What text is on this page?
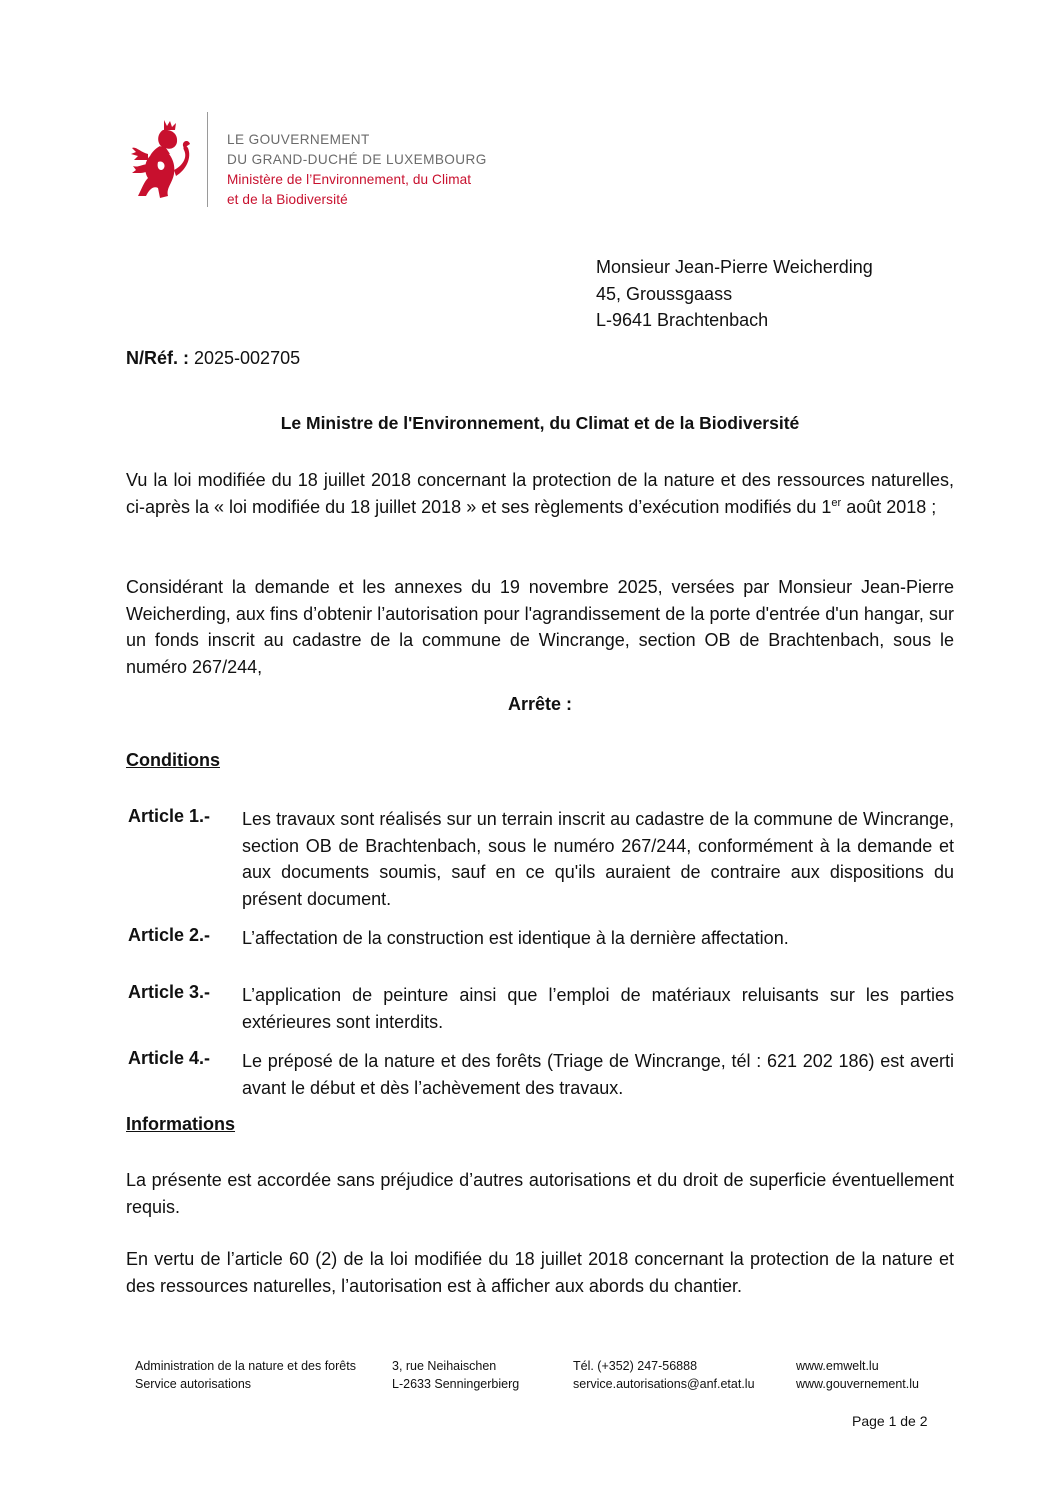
LE GOUVERNEMENT
DU GRAND-DUCHÉ DE LUXEMBOURG
Ministère de l’Environnement, du Climat
et de la Biodiversité
Monsieur Jean-Pierre Weicherding
45, Groussgaass
L-9641 Brachtenbach
N/Réf. : 2025-002705
Le Ministre de l'Environnement, du Climat et de la Biodiversité
Vu la loi modifiée du 18 juillet 2018 concernant la protection de la nature et des ressources naturelles, ci-après la « loi modifiée du 18 juillet 2018 » et ses règlements d’exécution modifiés du 1er août 2018 ;
Considérant la demande et les annexes du 19 novembre 2025, versées par Monsieur Jean-Pierre Weicherding, aux fins d’obtenir l’autorisation pour l'agrandissement de la porte d'entrée d'un hangar, sur un fonds inscrit au cadastre de la commune de Wincrange, section OB de Brachtenbach, sous le numéro 267/244,
Arrête :
Conditions
Article 1.- Les travaux sont réalisés sur un terrain inscrit au cadastre de la commune de Wincrange, section OB de Brachtenbach, sous le numéro 267/244, conformément à la demande et aux documents soumis, sauf en ce qu'ils auraient de contraire aux dispositions du présent document.
Article 2.- L’affectation de la construction est identique à la dernière affectation.
Article 3.- L’application de peinture ainsi que l’emploi de matériaux reluisants sur les parties extérieures sont interdits.
Article 4.- Le préposé de la nature et des forêts (Triage de Wincrange, tél : 621 202 186) est averti avant le début et dès l’achèvement des travaux.
Informations
La présente est accordée sans préjudice d’autres autorisations et du droit de superficie éventuellement requis.
En vertu de l’article 60 (2) de la loi modifiée du 18 juillet 2018 concernant la protection de la nature et des ressources naturelles, l’autorisation est à afficher aux abords du chantier.
Administration de la nature et des forêts
Service autorisations
3, rue Neihaischen
L-2633 Senningerbierg
Tél. (+352) 247-56888
service.autorisations@anf.etat.lu
www.emwelt.lu
www.gouvernement.lu
Page 1 de 2
